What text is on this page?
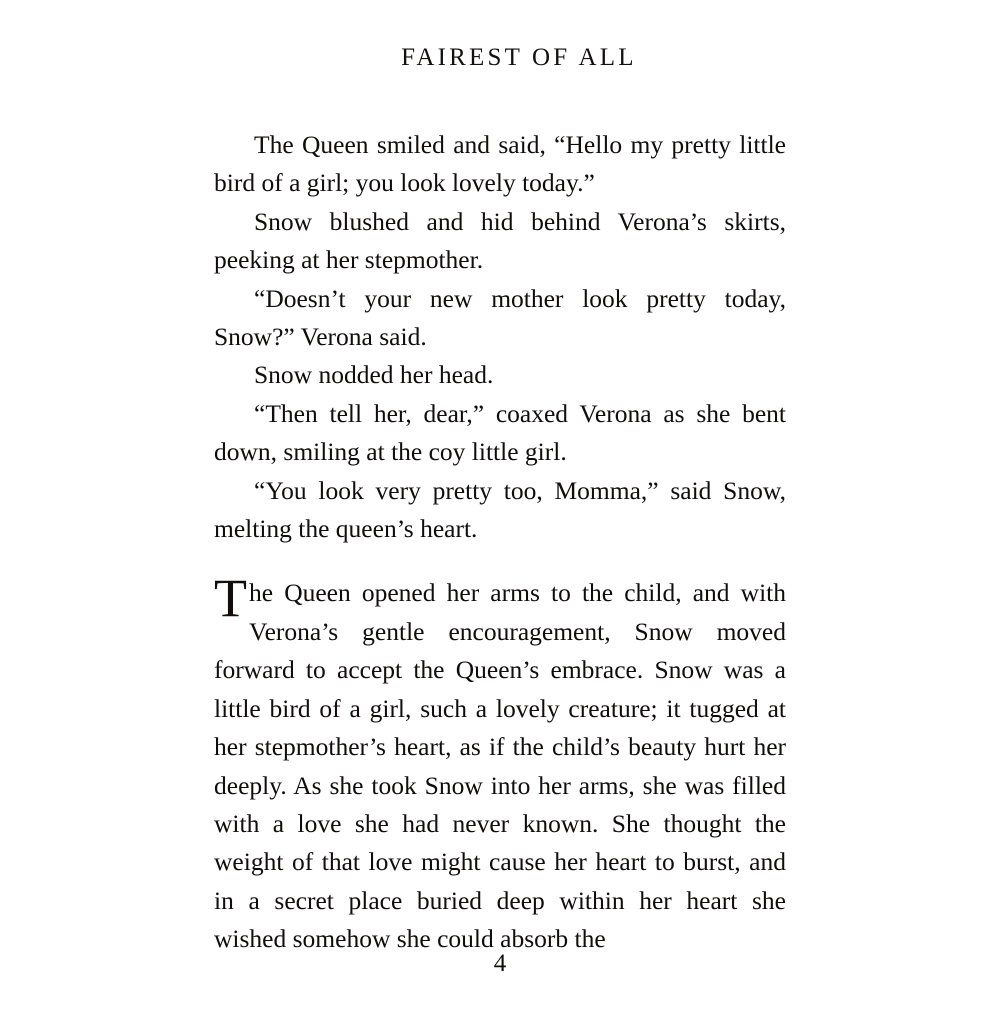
FAIREST OF ALL

The Queen smiled and said, “Hello my pretty little bird of a girl; you look lovely today.”

Snow blushed and hid behind Verona’s skirts, peeking at her stepmother.

“Doesn’t your new mother look pretty today, Snow?” Verona said.

Snow nodded her head.

“Then tell her, dear,” coaxed Verona as she bent down, smiling at the coy little girl.

“You look very pretty too, Momma,” said Snow, melting the queen’s heart.

The Queen opened her arms to the child, and with Verona’s gentle encouragement, Snow moved forward to accept the Queen’s embrace. Snow was a little bird of a girl, such a lovely creature; it tugged at her stepmother’s heart, as if the child’s beauty hurt her deeply. As she took Snow into her arms, she was filled with a love she had never known. She thought the weight of that love might cause her heart to burst, and in a secret place buried deep within her heart she wished somehow she could absorb the

4
